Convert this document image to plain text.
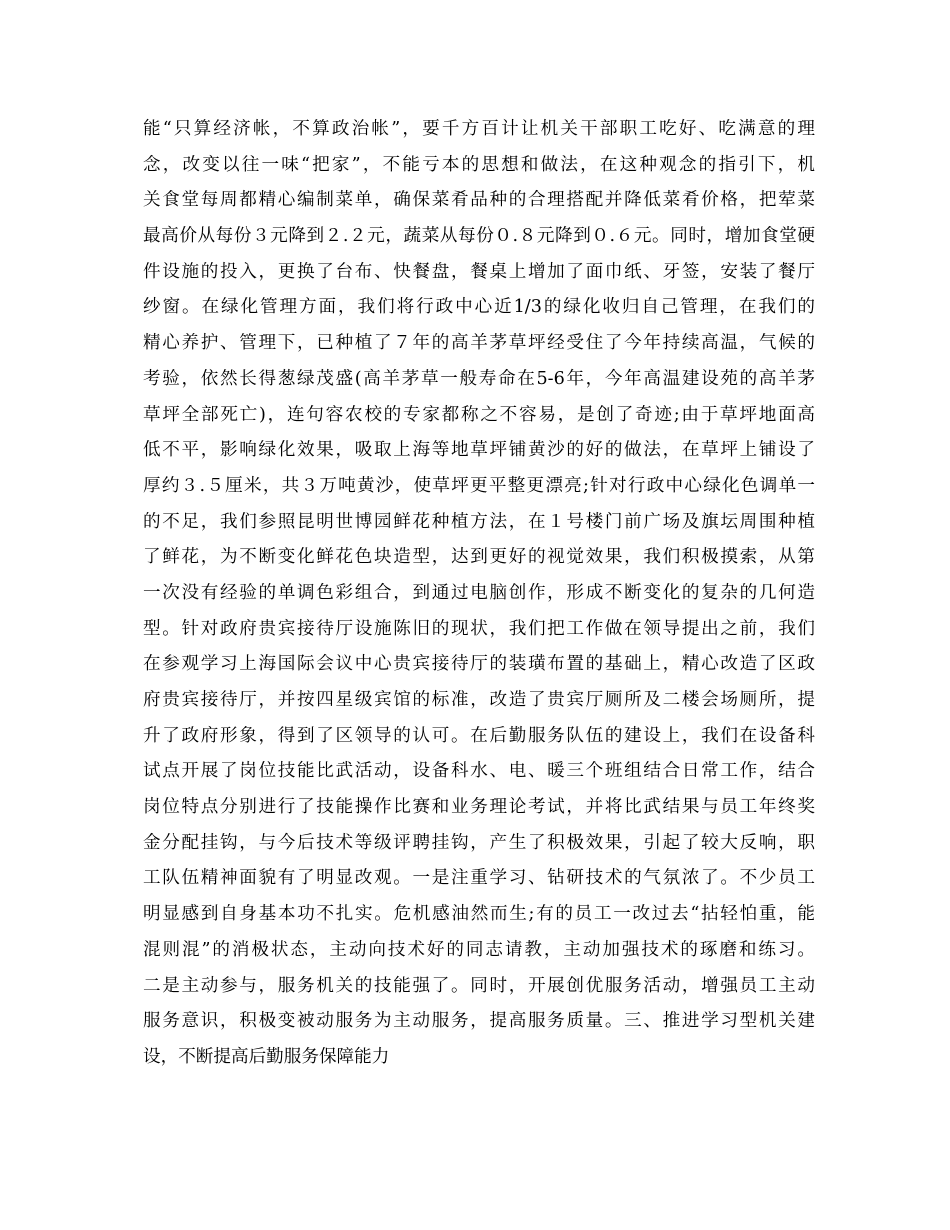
能“只算经济帐，不算政治帐”，要千方百计让机关干部职工吃好、吃满意的理
念，改变以往一味“把家”，不能亏本的思想和做法，在这种观念的指引下，机
关食堂每周都精心编制菜单，确保菜肴品种的合理搭配并降低菜肴价格，把荤菜
最高价从每份３元降到２.２元，蔬菜从每份０.８元降到０.６元。同时，增加食堂硬
件设施的投入，更换了台布、快餐盘，餐桌上增加了面巾纸、牙签，安装了餐厅
纱窗。在绿化管理方面，我们将行政中心近1/3的绿化收归自己管理，在我们的
精心养护、管理下，已种植了７年的高羊茅草坪经受住了今年持续高温，气候的
考验，依然长得葱绿茂盛(高羊茅草一般寿命在5-6年，今年高温建设苑的高羊茅
草坪全部死亡)，连句容农校的专家都称之不容易，是创了奇迹;由于草坪地面高
低不平，影响绿化效果，吸取上海等地草坪铺黄沙的好的做法，在草坪上铺设了
厚约３.５厘米，共３万吨黄沙，使草坪更平整更漂亮;针对行政中心绿化色调单一
的不足，我们参照昆明世博园鲜花种植方法，在１号楼门前广场及旗坛周围种植
了鲜花，为不断变化鲜花色块造型，达到更好的视觉效果，我们积极摸索，从第
一次没有经验的单调色彩组合，到通过电脑创作，形成不断变化的复杂的几何造
型。针对政府贵宾接待厅设施陈旧的现状，我们把工作做在领导提出之前，我们
在参观学习上海国际会议中心贵宾接待厅的装璜布置的基础上，精心改造了区政
府贵宾接待厅，并按四星级宾馆的标准，改造了贵宾厅厕所及二楼会场厕所，提
升了政府形象，得到了区领导的认可。在后勤服务队伍的建设上，我们在设备科
试点开展了岗位技能比武活动，设备科水、电、暖三个班组结合日常工作，结合
岗位特点分别进行了技能操作比赛和业务理论考试，并将比武结果与员工年终奖
金分配挂钩，与今后技术等级评聘挂钩，产生了积极效果，引起了较大反响，职
工队伍精神面貌有了明显改观。一是注重学习、钻研技术的气氛浓了。不少员工
明显感到自身基本功不扎实。危机感油然而生;有的员工一改过去“拈轻怕重，能
混则混”的消极状态，主动向技术好的同志请教，主动加强技术的琢磨和练习。
二是主动参与，服务机关的技能强了。同时，开展创优服务活动，增强员工主动
服务意识，积极变被动服务为主动服务，提高服务质量。三、推进学习型机关建
设，不断提高后勤服务保障能力
